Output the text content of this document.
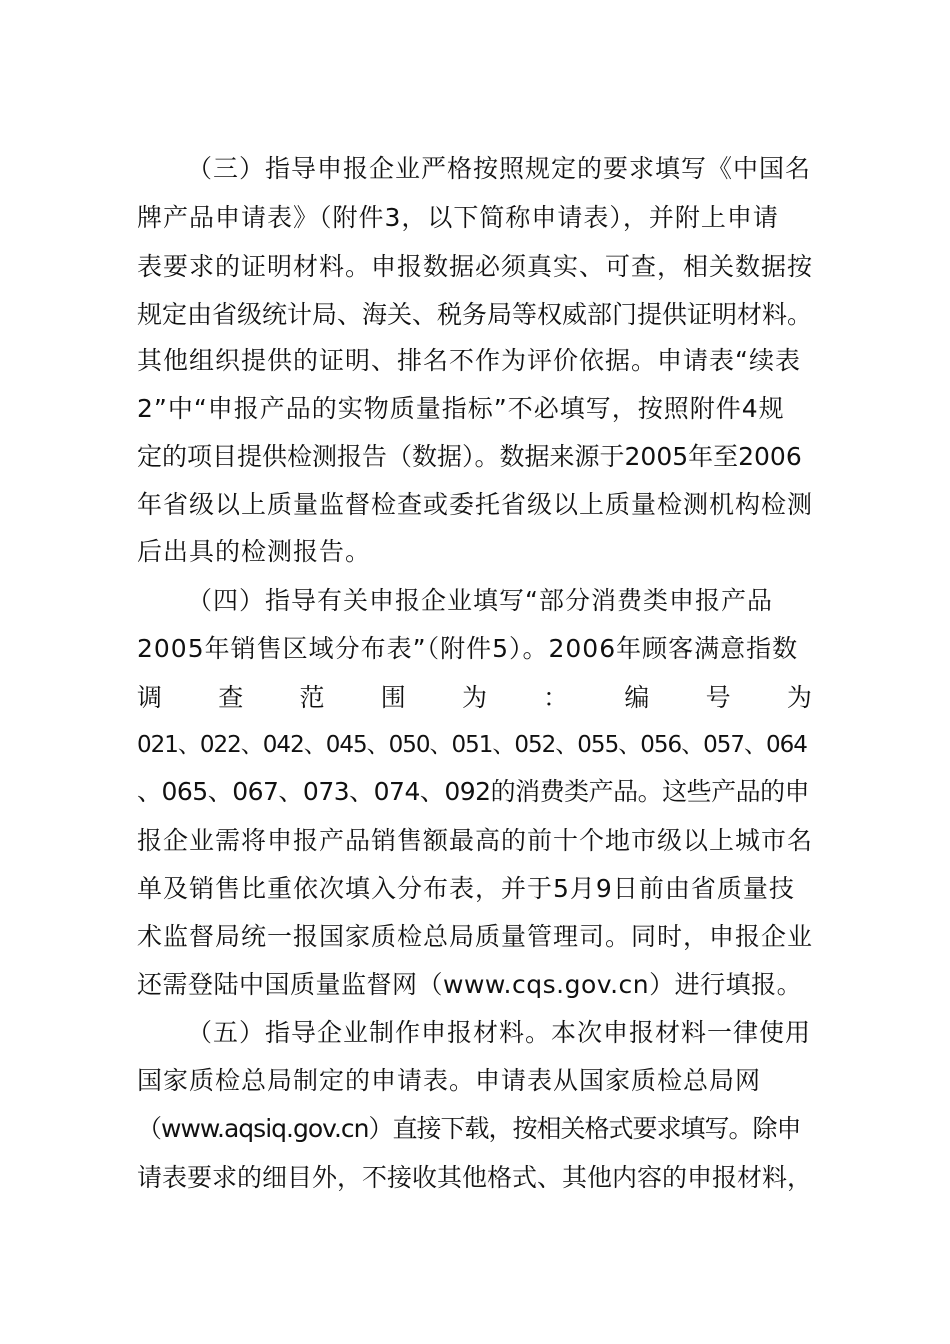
（三）指导申报企业严格按照规定的要求填写《中国名
牌产品申请表》（附件3，以下简称申请表），并附上申请
表要求的证明材料。申报数据必须真实、可查，相关数据按
规定由省级统计局、海关、税务局等权威部门提供证明材料。
其他组织提供的证明、排名不作为评价依据。申请表“续表
2”中“申报产品的实物质量指标”不必填写，按照附件4规
定的项目提供检测报告（数据）。数据来源于2005年至2006
年省级以上质量监督检查或委托省级以上质量检测机构检测
后出具的检测报告。
（四）指导有关申报企业填写“部分消费类申报产品
2005年销售区域分布表”（附件5）。2006年顾客满意指数
调 查 范 围 为 ： 编 号 为
021、022、042、045、050、051、052、055、056、057、064
、065、067、073、074、092的消费类产品。这些产品的申
报企业需将申报产品销售额最高的前十个地市级以上城市名
单及销售比重依次填入分布表，并于5月9日前由省质量技
术监督局统一报国家质检总局质量管理司。同时，申报企业
还需登陆中国质量监督网（www.cqs.gov.cn）进行填报。
（五）指导企业制作申报材料。本次申报材料一律使用
国家质检总局制定的申请表。申请表从国家质检总局网
（www.aqsiq.gov.cn）直接下载，按相关格式要求填写。除申
请表要求的细目外，不接收其他格式、其他内容的申报材料，
